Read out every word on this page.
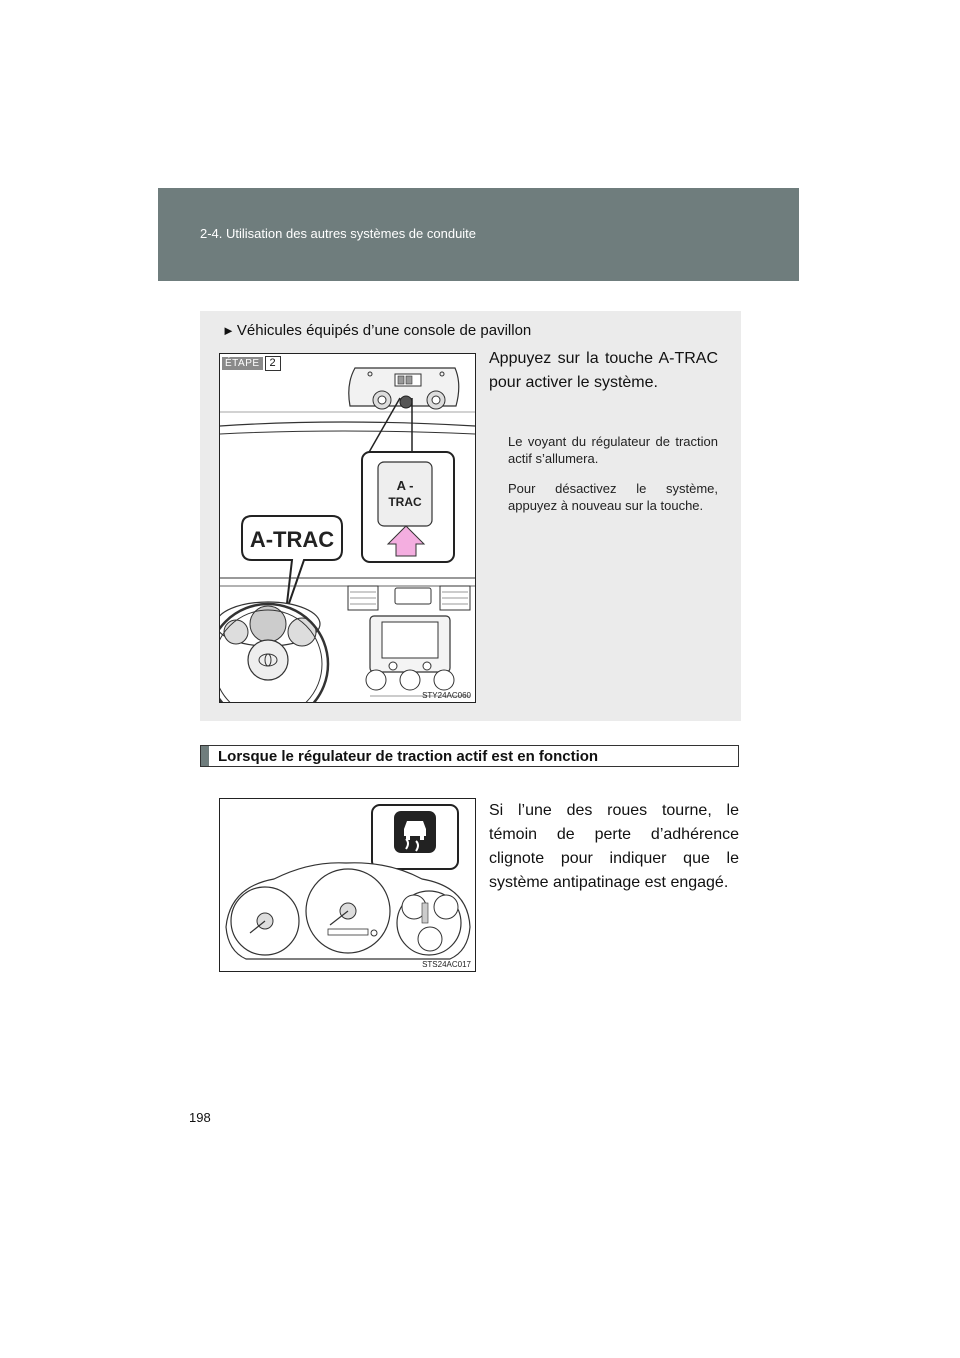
2-4. Utilisation des autres systèmes de conduite
► Véhicules équipés d’une console de pavillon
ÉTAPE 2
A -
TRAC
A-TRAC
STY24AC060
Appuyez sur la touche A-TRAC pour activer le système.
Le voyant du régulateur de traction actif s’allumera.
Pour désactivez le système, appuyez à nouveau sur la touche.
Lorsque le régulateur de traction actif est en fonction
STS24AC017
Si l’une des roues tourne, le témoin de perte d’adhérence clignote pour indiquer que le système antipatinage est engagé.
198
